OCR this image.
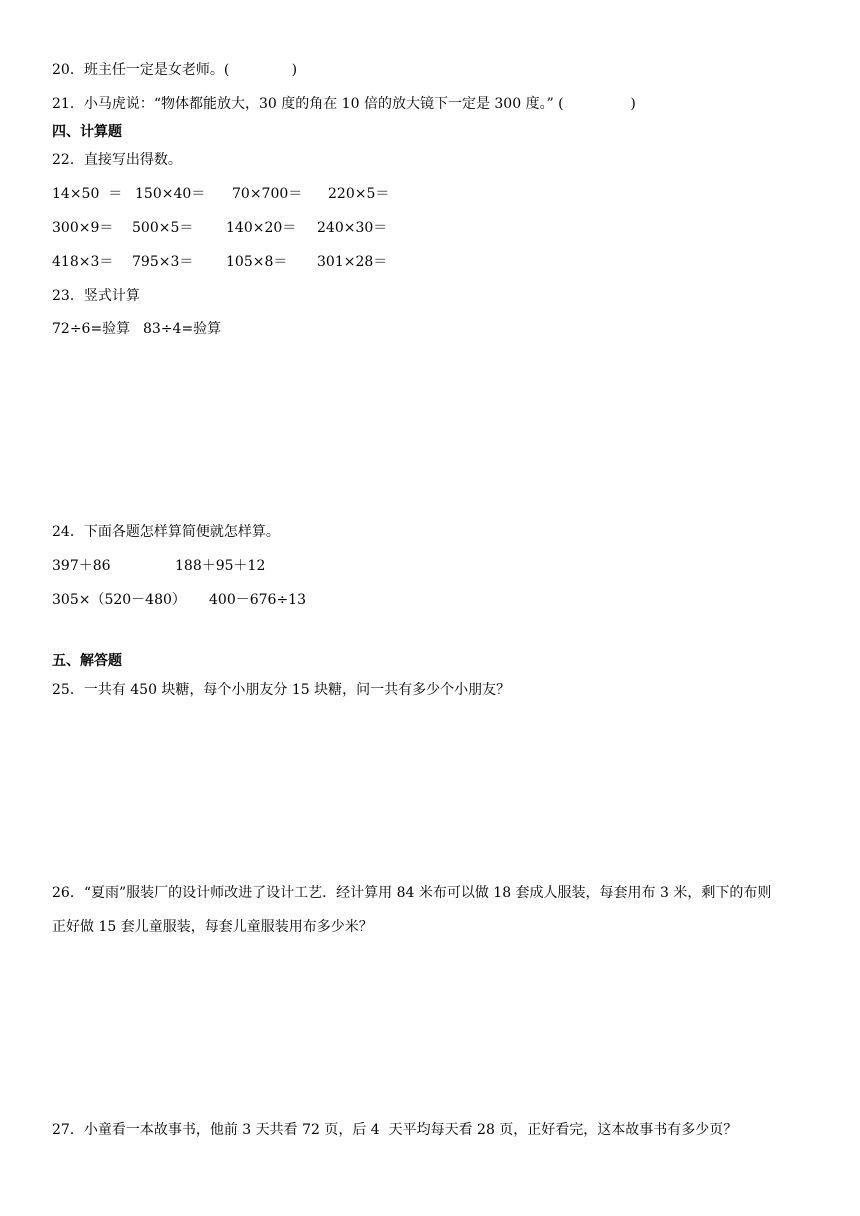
20．班主任一定是女老师。(              )
21．小马虎说：“物体都能放大，30 度的角在 10 倍的放大镜下一定是 300 度。” (               )
四、计算题
22．直接写出得数。
14×50  ＝ 150×40＝ 70×700＝ 220×5＝
300×9＝ 500×5＝ 140×20＝ 240×30＝
418×3＝ 795×3＝ 105×8＝ 301×28＝
23．竖式计算
72÷6=验算 83÷4=验算
24．下面各题怎样算简便就怎样算。
397＋86	188＋95＋12
305×（520－480） 400－676÷13
五、解答题
25．一共有 450 块糖，每个小朋友分 15 块糖，问一共有多少个小朋友？
26．“夏雨”服装厂的设计师改进了设计工艺．经计算用 84 米布可以做 18 套成人服装，每套用布 3 米，剩下的布则
正好做 15 套儿童服装，每套儿童服装用布多少米？
27．小童看一本故事书，他前 3 天共看 72 页，后 4  天平均每天看 28 页，正好看完，这本故事书有多少页？
